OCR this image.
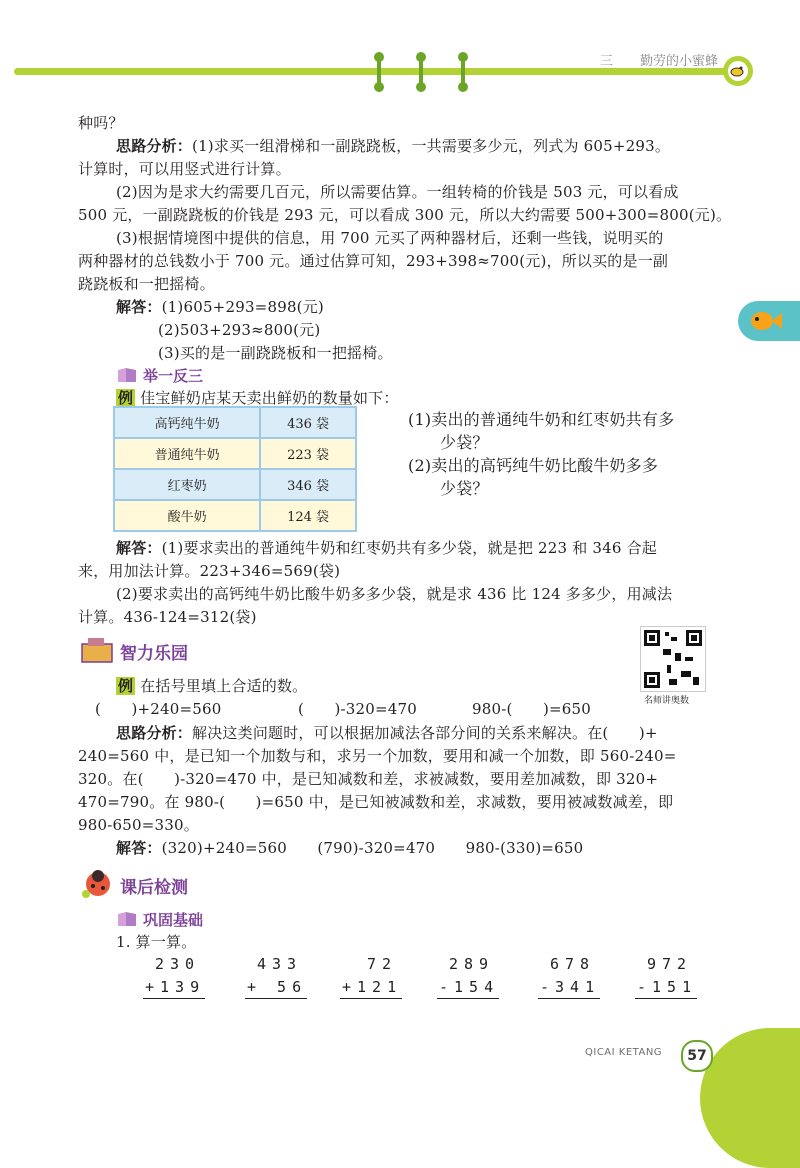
三 勤劳的小蜜蜂
种吗？
思路分析：(1)求买一组滑梯和一副跷跷板，一共需要多少元，列式为 605+293。
计算时，可以用竖式进行计算。
(2)因为是求大约需要几百元，所以需要估算。一组转椅的价钱是 503 元，可以看成
500 元，一副跷跷板的价钱是 293 元，可以看成 300 元，所以大约需要 500+300=800(元)。
(3)根据情境图中提供的信息，用 700 元买了两种器材后，还剩一些钱，说明买的
两种器材的总钱数小于 700 元。通过估算可知，293+398≈700(元)，所以买的是一副
跷跷板和一把摇椅。
解答：(1)605+293=898(元)
(2)503+293≈800(元)
(3)买的是一副跷跷板和一把摇椅。
举一反三
例 佳宝鲜奶店某天卖出鲜奶的数量如下：
高钙纯牛奶	436 袋
普通纯牛奶	223 袋
红枣奶	346 袋
酸牛奶	124 袋
(1)卖出的普通纯牛奶和红枣奶共有多
少袋？
(2)卖出的高钙纯牛奶比酸牛奶多多
少袋？
解答：(1)要求卖出的普通纯牛奶和红枣奶共有多少袋，就是把 223 和 346 合起
来，用加法计算。223+346=569(袋)
(2)要求卖出的高钙纯牛奶比酸牛奶多多少袋，就是求 436 比 124 多多少，用减法
计算。436-124=312(袋)
智力乐园
名师讲奥数
例 在括号里填上合适的数。
(　　)+240=560	(　　)-320=470	980-(　　)=650
思路分析：解决这类问题时，可以根据加减法各部分间的关系来解决。在(　　)+
240=560 中，是已知一个加数与和，求另一个加数，要用和减一个加数，即 560-240=
320。在(　　)-320=470 中，是已知减数和差，求被减数，要用差加减数，即 320+
470=790。在 980-(　　)=650 中，是已知被减数和差，求减数，要用被减数减差，即
980-650=330。
解答：(320)+240=560　　(790)-320=470　　980-(330)=650
课后检测
巩固基础
1. 算一算。
230
+139
433
+ 56
72
+121
289
-154
678
-341
972
-151
QICAI KETANG	57
